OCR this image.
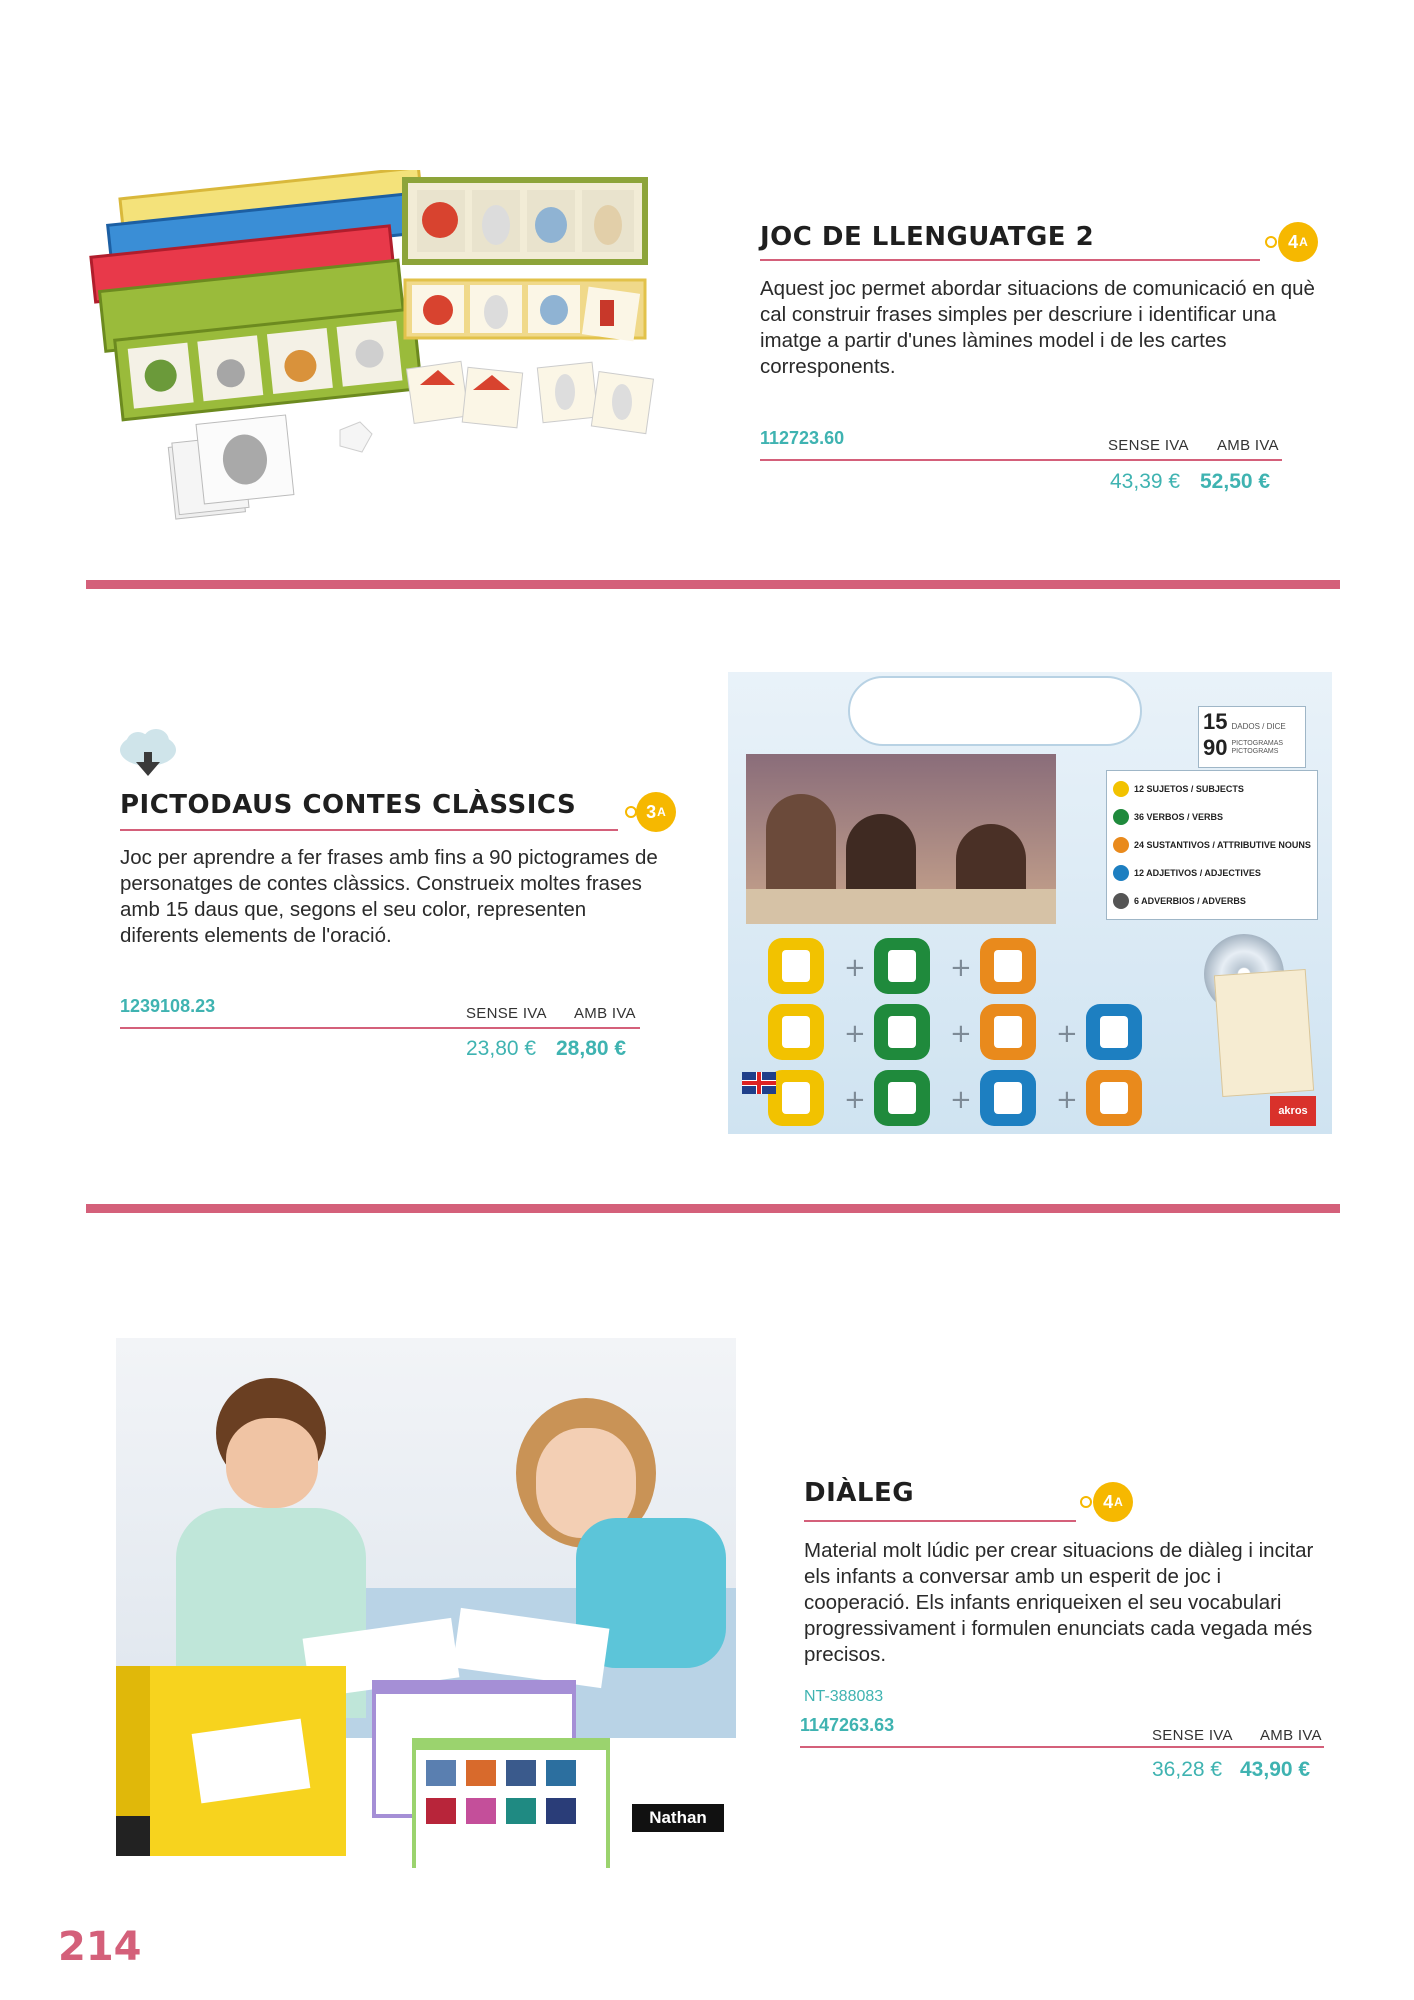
JOC DE LLENGUATGE 2	4 A
Aquest joc permet abordar situacions de comunicació en què cal construir frases simples per descriure i identificar una imatge a partir d'unes làmines model i de les cartes corresponents.
112723.60	SENSE IVA AMB IVA
43,39 € 52,50 €
PICTODAUS CONTES CLÀSSICS	3 A
Joc per aprendre a fer frases amb fins a 90 pictogrames de personatges de contes clàssics. Construeix moltes frases amb 15 daus que, segons el seu color, representen diferents elements de l'oració.
1239108.23	SENSE IVA AMB IVA
23,80 € 28,80 €
15 DADOS / DICE
90 PICTOGRAMAS PICTOGRAMS
12 SUJETOS / SUBJECTS
36 VERBOS / VERBS
24 SUSTANTIVOS / ATTRIBUTIVE NOUNS
12 ADJETIVOS / ADJECTIVES
6 ADVERBIOS / ADVERBS
+	+
+	+	+
+	+	+	akros
Nathan
DIÀLEG	4 A
Material molt lúdic per crear situacions de diàleg i incitar els infants a conversar amb un esperit de joc i cooperació. Els infants enriqueixen el seu vocabulari progressivament i formulen enunciats cada vegada més precisos.
NT-388083
1147263.63
SENSE IVA AMB IVA
36,28 € 43,90 €
214
